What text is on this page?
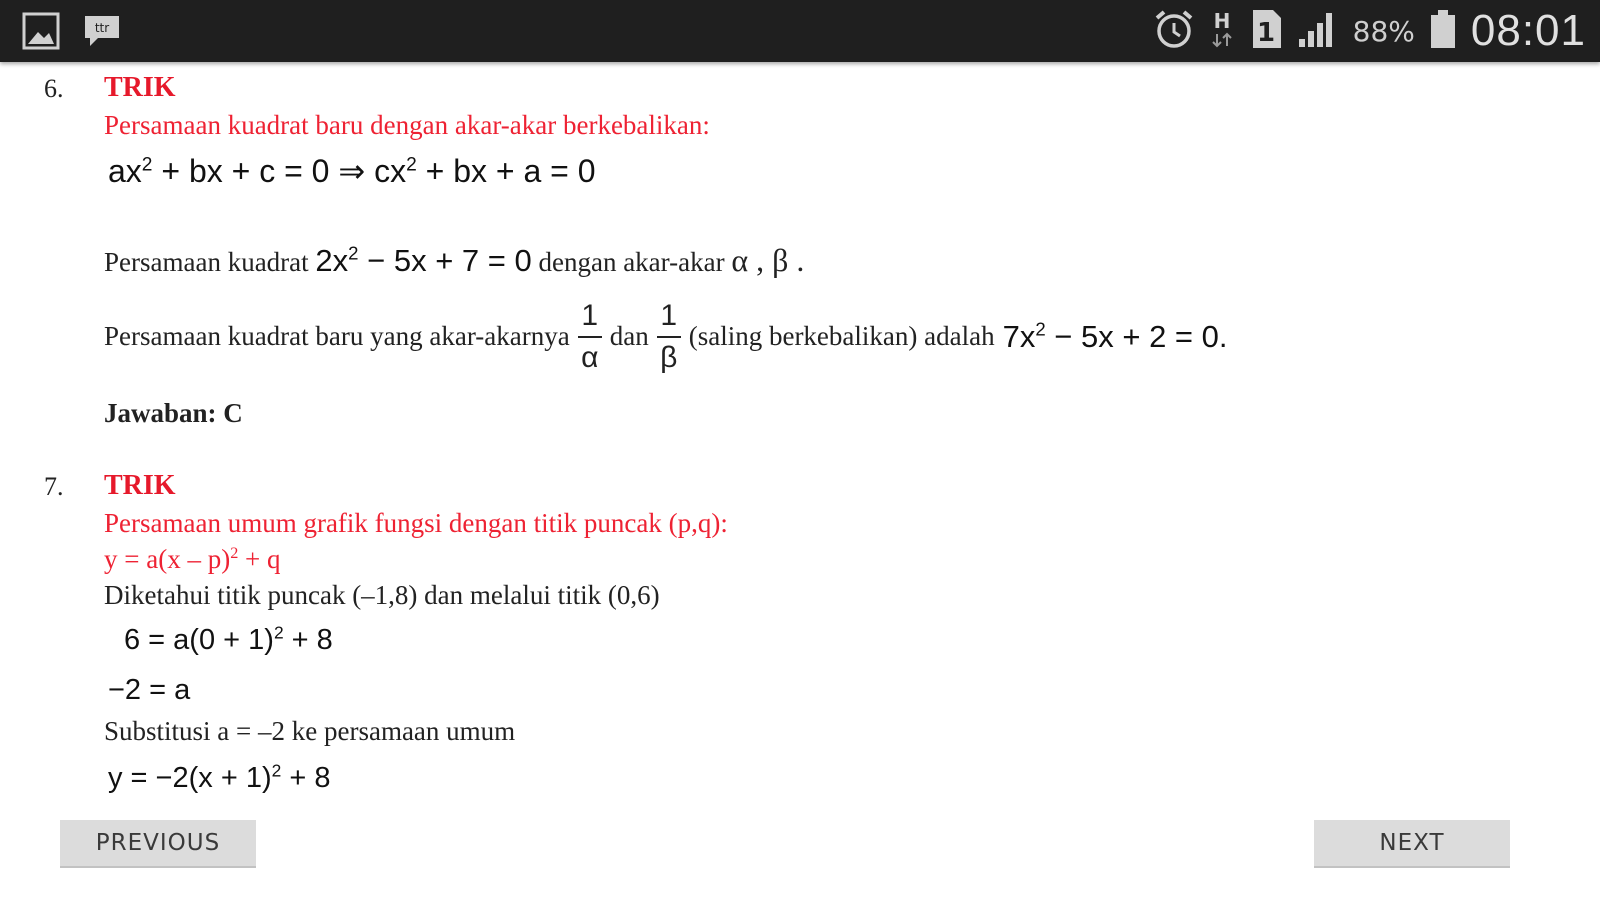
ttr	H 1	88% 08:01
6. TRIK
Persamaan kuadrat baru dengan akar-akar berkebalikan:
$ax^2$ + bx + c = 0 ⇒ $cx^2$ + bx + a = 0
Persamaan kuadrat $2x^2 - 5x + 7 = 0$ dengan akar-akar α , β .
Persamaan kuadrat baru yang akar-akarnya $\frac{1}{\alpha}$ dan $\frac{1}{\beta}$ (saling berkebalikan) adalah $7x^2 - 5x + 2 = 0$.
Jawaban: C
7. TRIK
Persamaan umum grafik fungsi dengan titik puncak (p,q):
y = a(x – p)$^2$ + q
Diketahui titik puncak (–1,8) dan melalui titik (0,6)
$6 = a(0 + 1)^2 + 8$
−2 = a
Substitusi a = –2 ke persamaan umum
$y = -2(x + 1)^2 + 8$
PREVIOUS	NEXT
